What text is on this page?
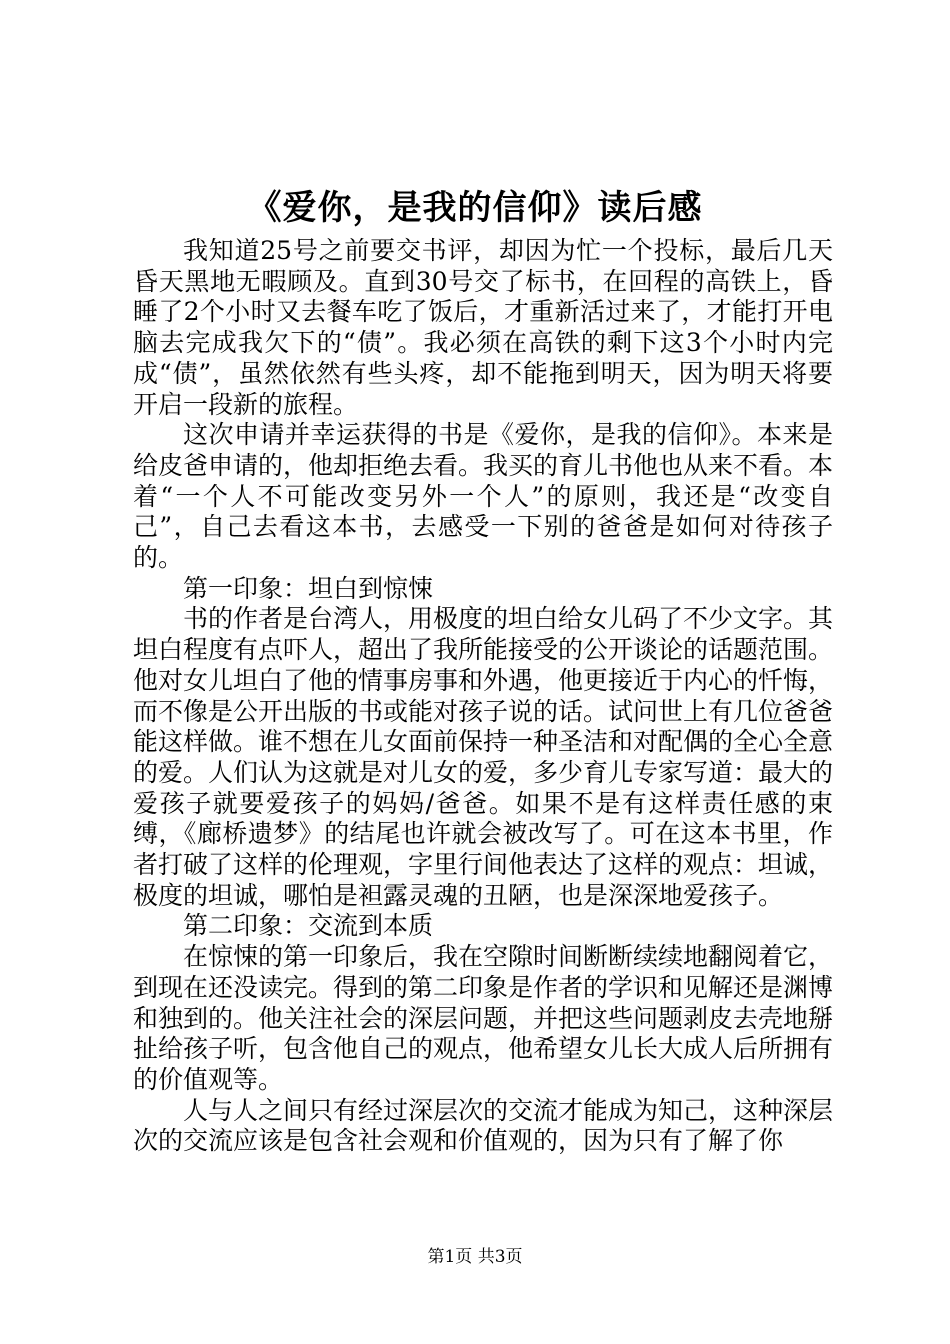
《爱你，是我的信仰》读后感

我知道25号之前要交书评，却因为忙一个投标，最后几天昏天黑地无暇顾及。直到30号交了标书，在回程的高铁上，昏睡了2个小时又去餐车吃了饭后，才重新活过来了，才能打开电脑去完成我欠下的“债”。我必须在高铁的剩下这3个小时内完成“债”，虽然依然有些头疼，却不能拖到明天，因为明天将要开启一段新的旅程。

这次申请并幸运获得的书是《爱你，是我的信仰》。本来是给皮爸申请的，他却拒绝去看。我买的育儿书他也从来不看。本着“一个人不可能改变另外一个人”的原则，我还是“改变自己”，自己去看这本书，去感受一下别的爸爸是如何对待孩子的。

第一印象：坦白到惊悚

书的作者是台湾人，用极度的坦白给女儿码了不少文字。其坦白程度有点吓人，超出了我所能接受的公开谈论的话题范围。他对女儿坦白了他的情事房事和外遇，他更接近于内心的忏悔，而不像是公开出版的书或能对孩子说的话。试问世上有几位爸爸能这样做。谁不想在儿女面前保持一种圣洁和对配偶的全心全意的爱。人们认为这就是对儿女的爱，多少育儿专家写道：最大的爱孩子就要爱孩子的妈妈/爸爸。如果不是有这样责任感的束缚，《廊桥遗梦》的结尾也许就会被改写了。可在这本书里，作者打破了这样的伦理观，字里行间他表达了这样的观点：坦诚，极度的坦诚，哪怕是袒露灵魂的丑陋，也是深深地爱孩子。

第二印象：交流到本质

在惊悚的第一印象后，我在空隙时间断断续续地翻阅着它，到现在还没读完。得到的第二印象是作者的学识和见解还是渊博和独到的。他关注社会的深层问题，并把这些问题剥皮去壳地掰扯给孩子听，包含他自己的观点，他希望女儿长大成人后所拥有的价值观等。

人与人之间只有经过深层次的交流才能成为知己，这种深层次的交流应该是包含社会观和价值观的，因为只有了解了你

第1页 共3页
